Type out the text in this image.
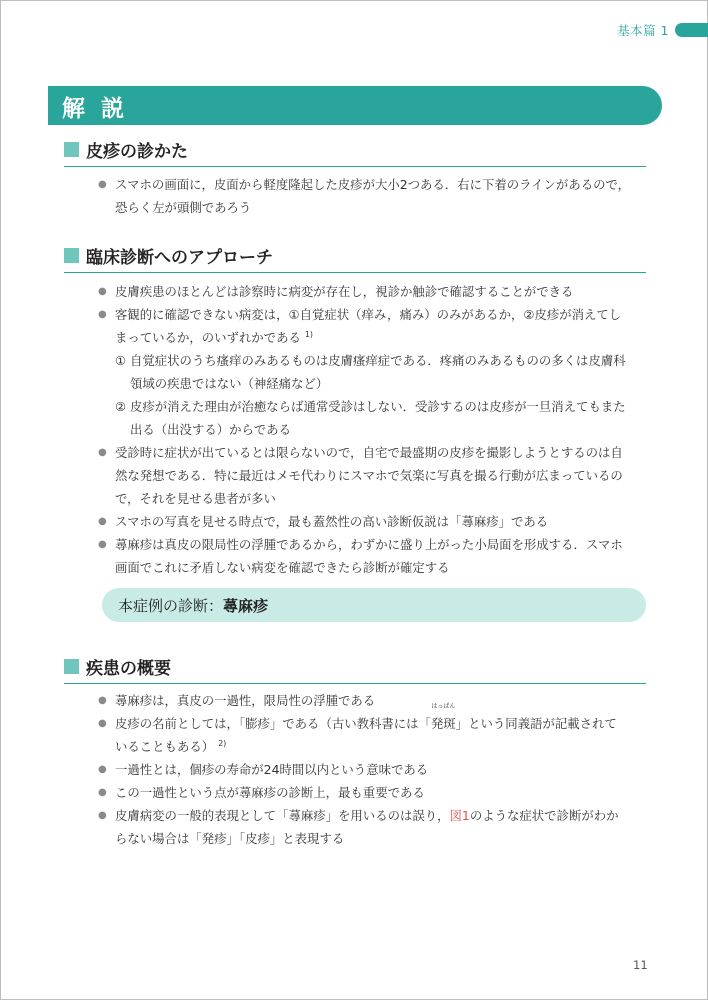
基本篇 1
解 説
皮疹の診かた
● スマホの画面に，皮面から軽度隆起した皮疹が大小2つある．右に下着のラインがあるので，
恐らく左が頭側であろう
臨床診断へのアプローチ
● 皮膚疾患のほとんどは診察時に病変が存在し，視診か触診で確認することができる
● 客観的に確認できない病変は，①自覚症状（痒み，痛み）のみがあるか，②皮疹が消えてし
まっているか，のいずれかである $^{1)}$
① 自覚症状のうち瘙痒のみあるものは皮膚瘙痒症である．疼痛のみあるものの多くは皮膚科
領域の疾患ではない（神経痛など）
② 皮疹が消えた理由が治癒ならば通常受診はしない．受診するのは皮疹が一旦消えてもまた
出る（出没する）からである
● 受診時に症状が出ているとは限らないので，自宅で最盛期の皮疹を撮影しようとするのは自
然な発想である．特に最近はメモ代わりにスマホで気楽に写真を撮る行動が広まっているの
で，それを見せる患者が多い
● スマホの写真を見せる時点で，最も蓋然性の高い診断仮説は「蕁麻疹」である
● 蕁麻疹は真皮の限局性の浮腫であるから，わずかに盛り上がった小局面を形成する．スマホ
画面でこれに矛盾しない病変を確認できたら診断が確定する
本症例の診断：蕁麻疹
疾患の概要
● 蕁麻疹は，真皮の一過性，限局性の浮腫である
● 皮疹の名前としては，「膨疹」である（古い教科書には「
はっぱん
発斑」という同義語が記載されて
いることもある） $^{2)}$
● 一過性とは，個疹の寿命が24時間以内という意味である
● この一過性という点が蕁麻疹の診断上，最も重要である
● 皮膚病変の一般的表現として「蕁麻疹」を用いるのは誤り，図1のような症状で診断がわか
らない場合は「発疹」「皮疹」と表現する
11
